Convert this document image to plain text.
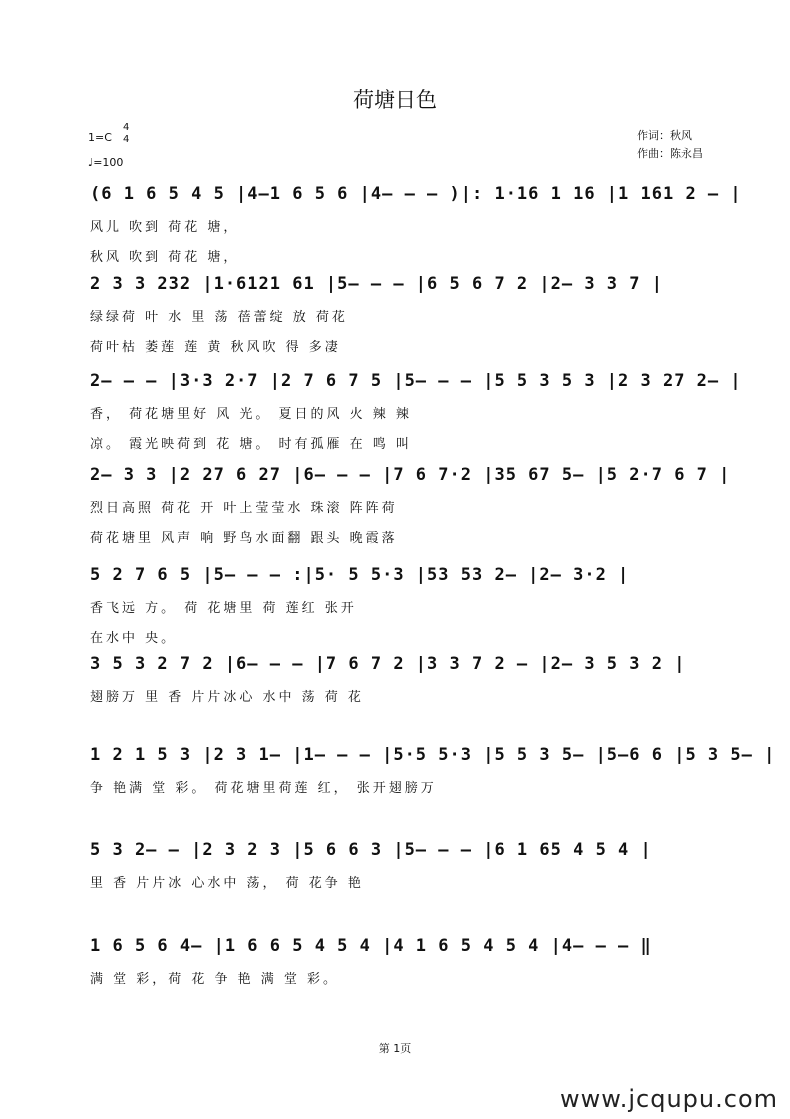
荷塘日色
1=C
4
4
♩=100
作词：秋风
作曲：陈永昌
(6 1 6 5 4 5 |4–1 6 5 6 |4– – – )|: 1·16 1 16 |1 161 2 – |
风儿 吹到 荷花 塘，
秋风 吹到 荷花 塘，
2 3 3 232 |1·6121 61 |5– – – |6 5 6 7 2 |2– 3 3 7 |
绿绿荷 叶 水 里 荡 蓓蕾绽 放 荷花
荷叶枯 萎莲 莲 黄 秋风吹 得 多凄
2– – – |3·3 2·7 |2 7 6 7 5 |5– – – |5 5 3 5 3 |2 3 27 2– |
香， 荷花塘里好 风 光。 夏日的风 火 辣 辣
凉。 霞光映荷到 花 塘。 时有孤雁 在 鸣 叫
2– 3 3 |2 27 6 27 |6– – – |7 6 7·2 |35 67 5– |5 2·7 6 7 |
烈日高照 荷花 开 叶上莹莹水 珠滚 阵阵荷
荷花塘里 风声 响 野鸟水面翻 跟头 晚霞落
5 2 7 6 5 |5– – – :|5· 5 5·3 |53 53 2– |2– 3·2 |
香飞远 方。 荷 花塘里 荷 莲红 张开
在水中 央。
3 5 3 2 7 2 |6– – – |7 6 7 2 |3 3 7 2 – |2– 3 5 3 2 |
翅膀万 里 香 片片冰心 水中 荡 荷 花
1 2 1 5 3 |2 3 1– |1– – – |5·5 5·3 |5 5 3 5– |5–6 6 |5 3 5– |
争 艳满 堂 彩。 荷花塘里荷莲 红， 张开翅膀万
5 3 2– – |2 3 2 3 |5 6 6 3 |5– – – |6 1 65 4 5 4 |
里 香 片片冰 心水中 荡， 荷 花争 艳
1 6 5 6 4– |1 6 6 5 4 5 4 |4 1 6 5 4 5 4 |4– – – ‖
满 堂 彩，荷 花 争 艳 满 堂 彩。
第 1页
www.jcqupu.com
